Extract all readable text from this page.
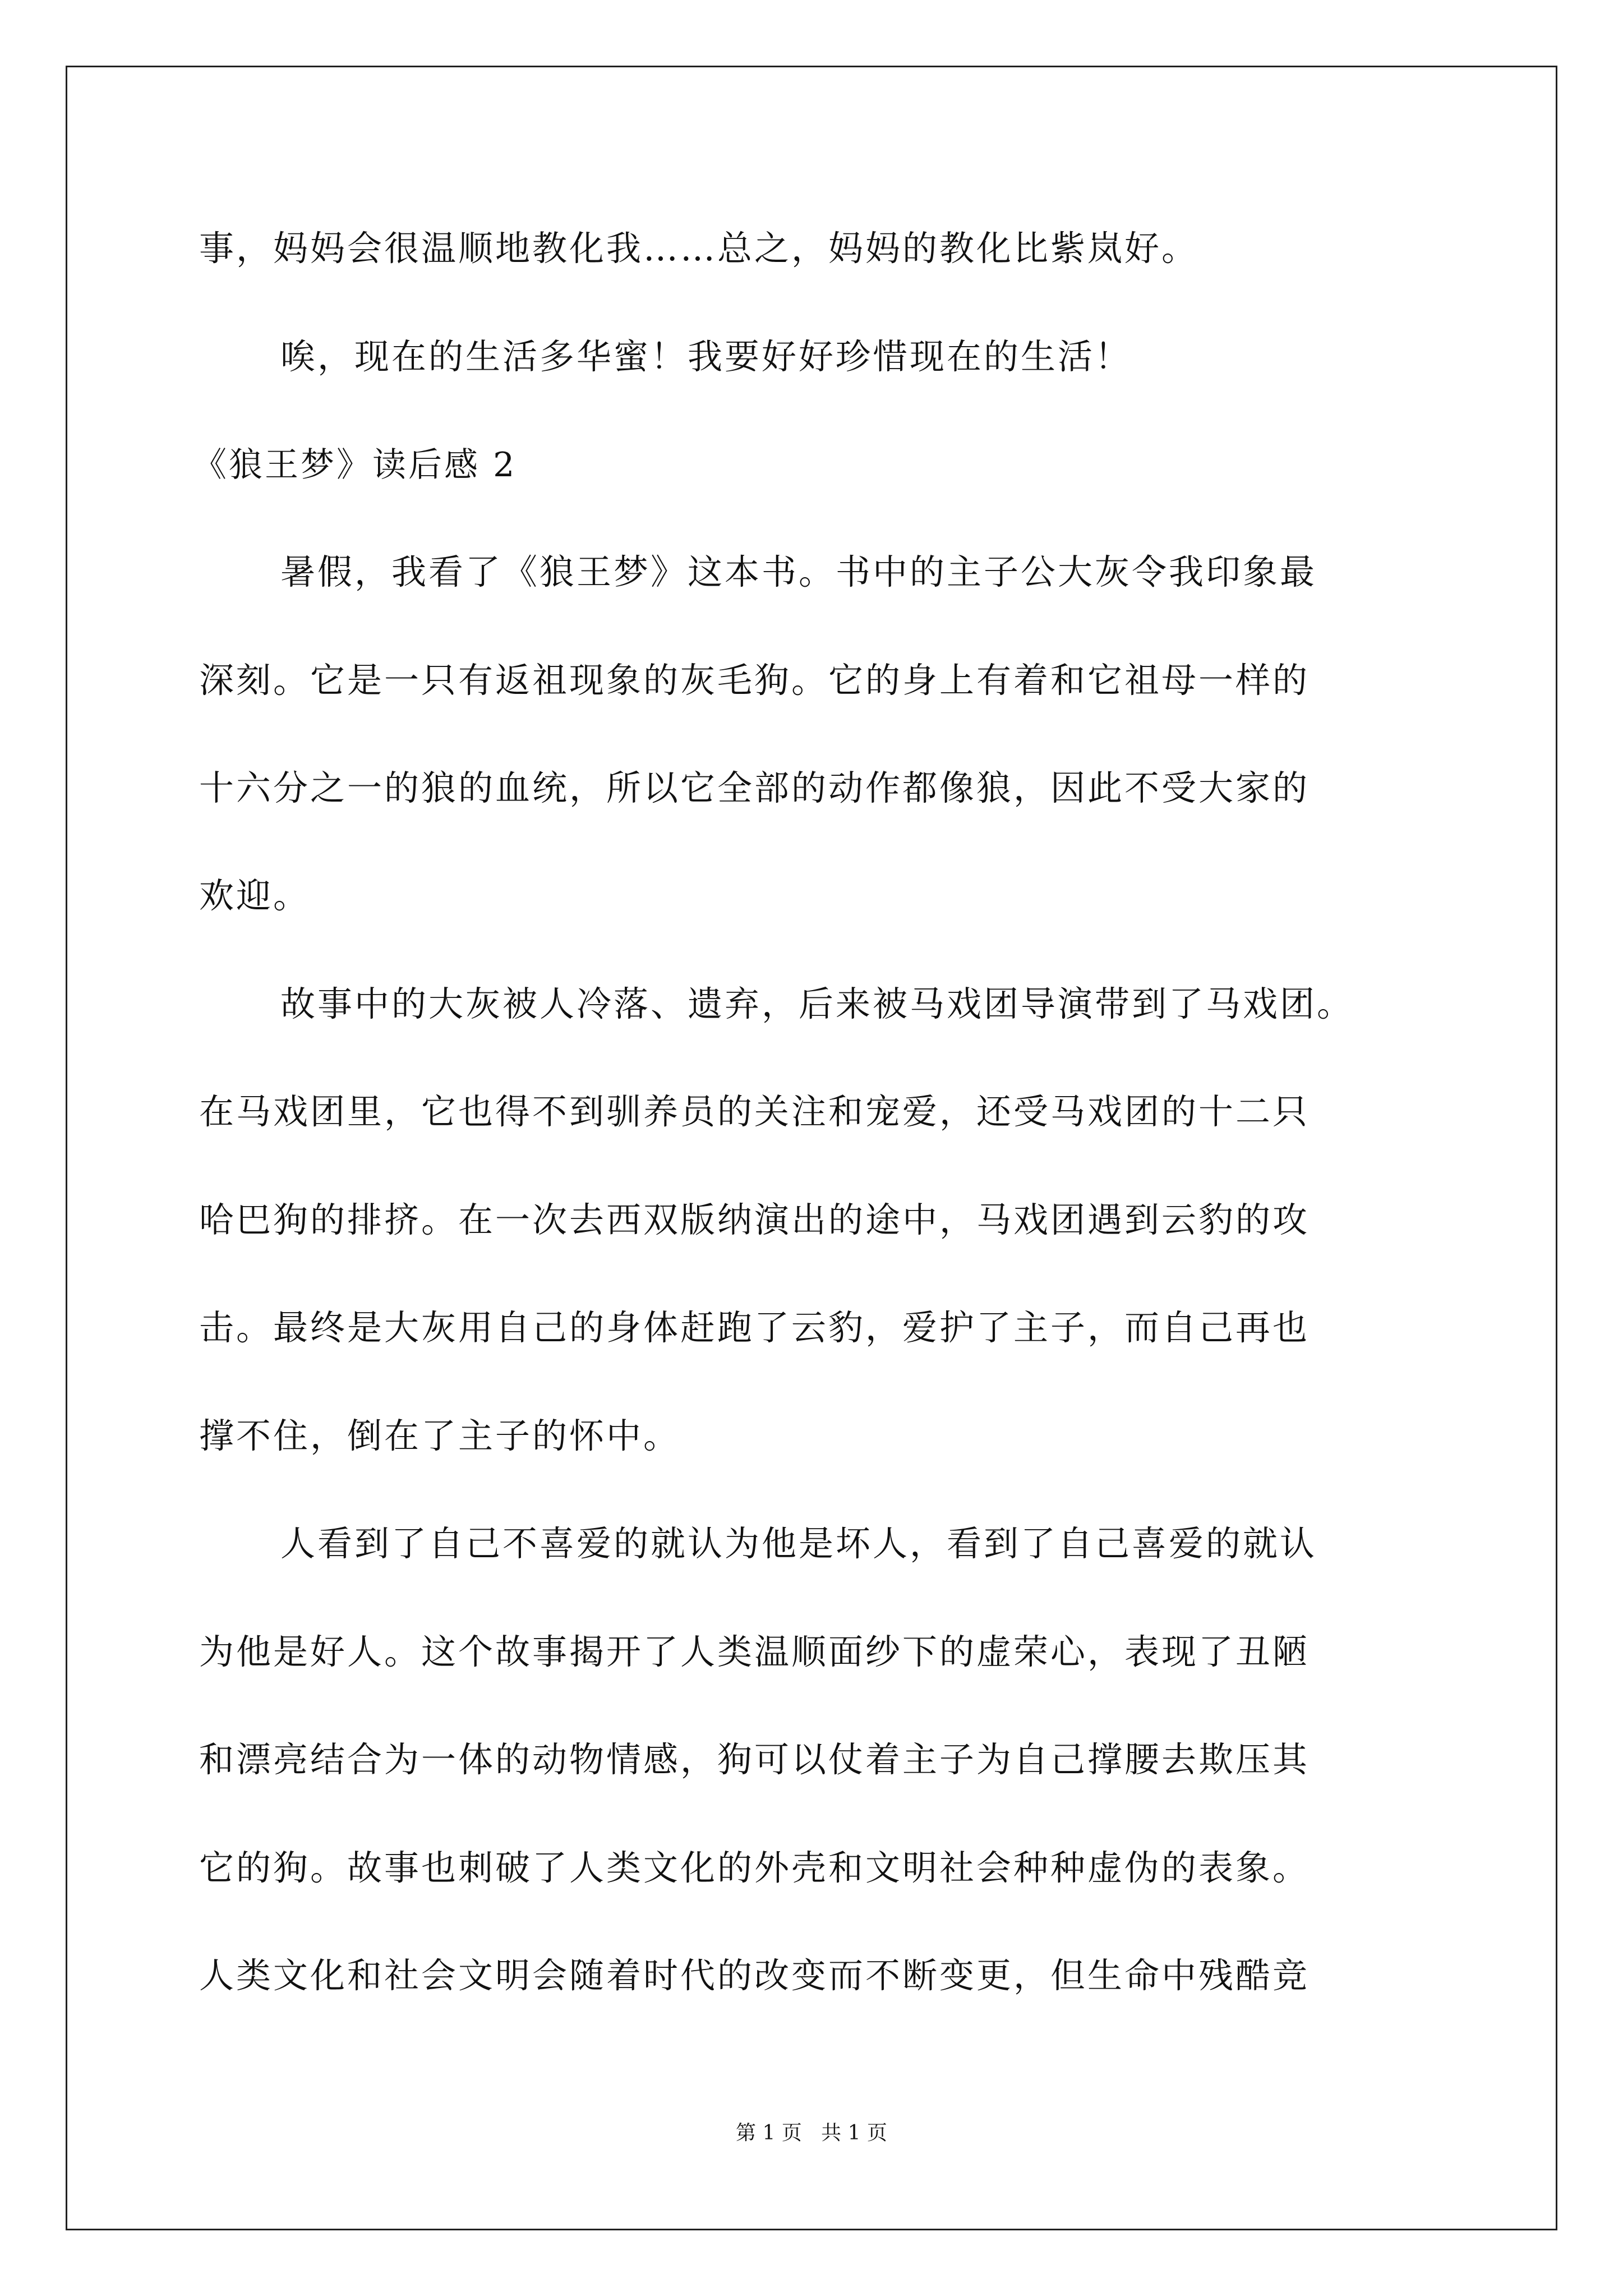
事，妈妈会很温顺地教化我……总之，妈妈的教化比紫岚好。
唉，现在的生活多华蜜！我要好好珍惜现在的生活！
《狼王梦》读后感 2
暑假，我看了《狼王梦》这本书。书中的主子公大灰令我印象最
深刻。它是一只有返祖现象的灰毛狗。它的身上有着和它祖母一样的
十六分之一的狼的血统，所以它全部的动作都像狼，因此不受大家的
欢迎。
故事中的大灰被人冷落、遗弃，后来被马戏团导演带到了马戏团。
在马戏团里，它也得不到驯养员的关注和宠爱，还受马戏团的十二只
哈巴狗的排挤。在一次去西双版纳演出的途中，马戏团遇到云豹的攻
击。最终是大灰用自己的身体赶跑了云豹，爱护了主子，而自己再也
撑不住，倒在了主子的怀中。
人看到了自己不喜爱的就认为他是坏人，看到了自己喜爱的就认
为他是好人。这个故事揭开了人类温顺面纱下的虚荣心，表现了丑陋
和漂亮结合为一体的动物情感，狗可以仗着主子为自己撑腰去欺压其
它的狗。故事也刺破了人类文化的外壳和文明社会种种虚伪的表象。
人类文化和社会文明会随着时代的改变而不断变更，但生命中残酷竞
第 1 页   共 1 页
